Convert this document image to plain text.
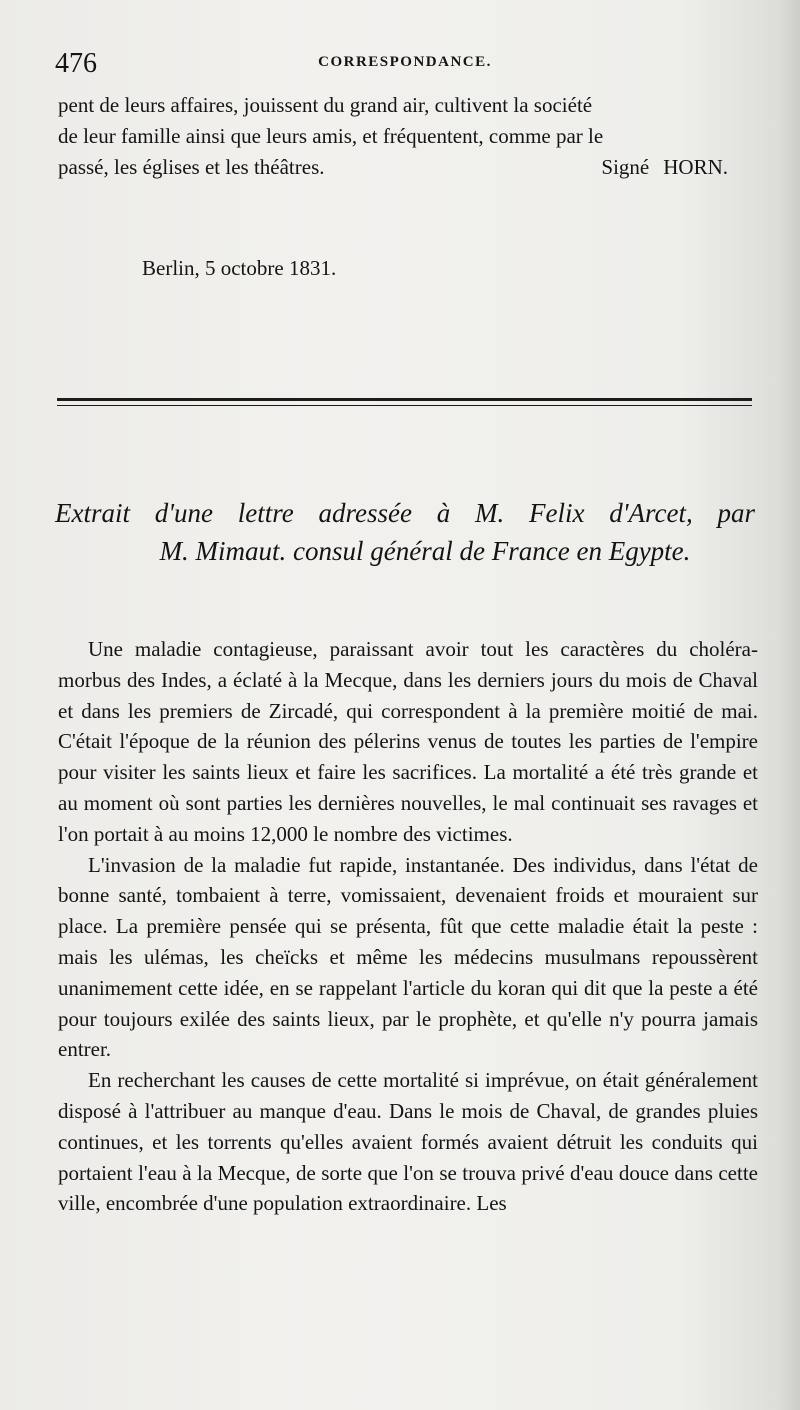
476	CORRESPONDANCE.

pent de leurs affaires, jouissent du grand air, cultivent la société

de leur famille ainsi que leurs amis, et fréquentent, comme par le

passé, les églises et les théâtres.	Signé HORN.
Berlin, 5 octobre 1831.
Extrait d'une lettre adressée à M. Felix d'Arcet, par
M. Mimaut. consul général de France en Egypte.

Une maladie contagieuse, paraissant avoir tout les caractères du choléra-morbus des Indes, a éclaté à la Mecque, dans les derniers jours du mois de Chaval et dans les premiers de Zircadé, qui correspondent à la première moitié de mai. C'était l'époque de la réunion des pélerins venus de toutes les parties de l'empire pour visiter les saints lieux et faire les sacrifices. La mortalité a été très grande et au moment où sont parties les dernières nouvelles, le mal continuait ses ravages et l'on portait à au moins 12,000 le nombre des victimes.

L'invasion de la maladie fut rapide, instantanée. Des individus, dans l'état de bonne santé, tombaient à terre, vomissaient, devenaient froids et mouraient sur place. La première pensée qui se présenta, fût que cette maladie était la peste : mais les ulémas, les cheïcks et même les médecins musulmans repoussèrent unanimement cette idée, en se rappelant l'article du koran qui dit que la peste a été pour toujours exilée des saints lieux, par le prophète, et qu'elle n'y pourra jamais entrer.

En recherchant les causes de cette mortalité si imprévue, on était généralement disposé à l'attribuer au manque d'eau. Dans le mois de Chaval, de grandes pluies continues, et les torrents qu'elles avaient formés avaient détruit les conduits qui portaient l'eau à la Mecque, de sorte que l'on se trouva privé d'eau douce dans cette ville, encombrée d'une population extraordinaire. Les
